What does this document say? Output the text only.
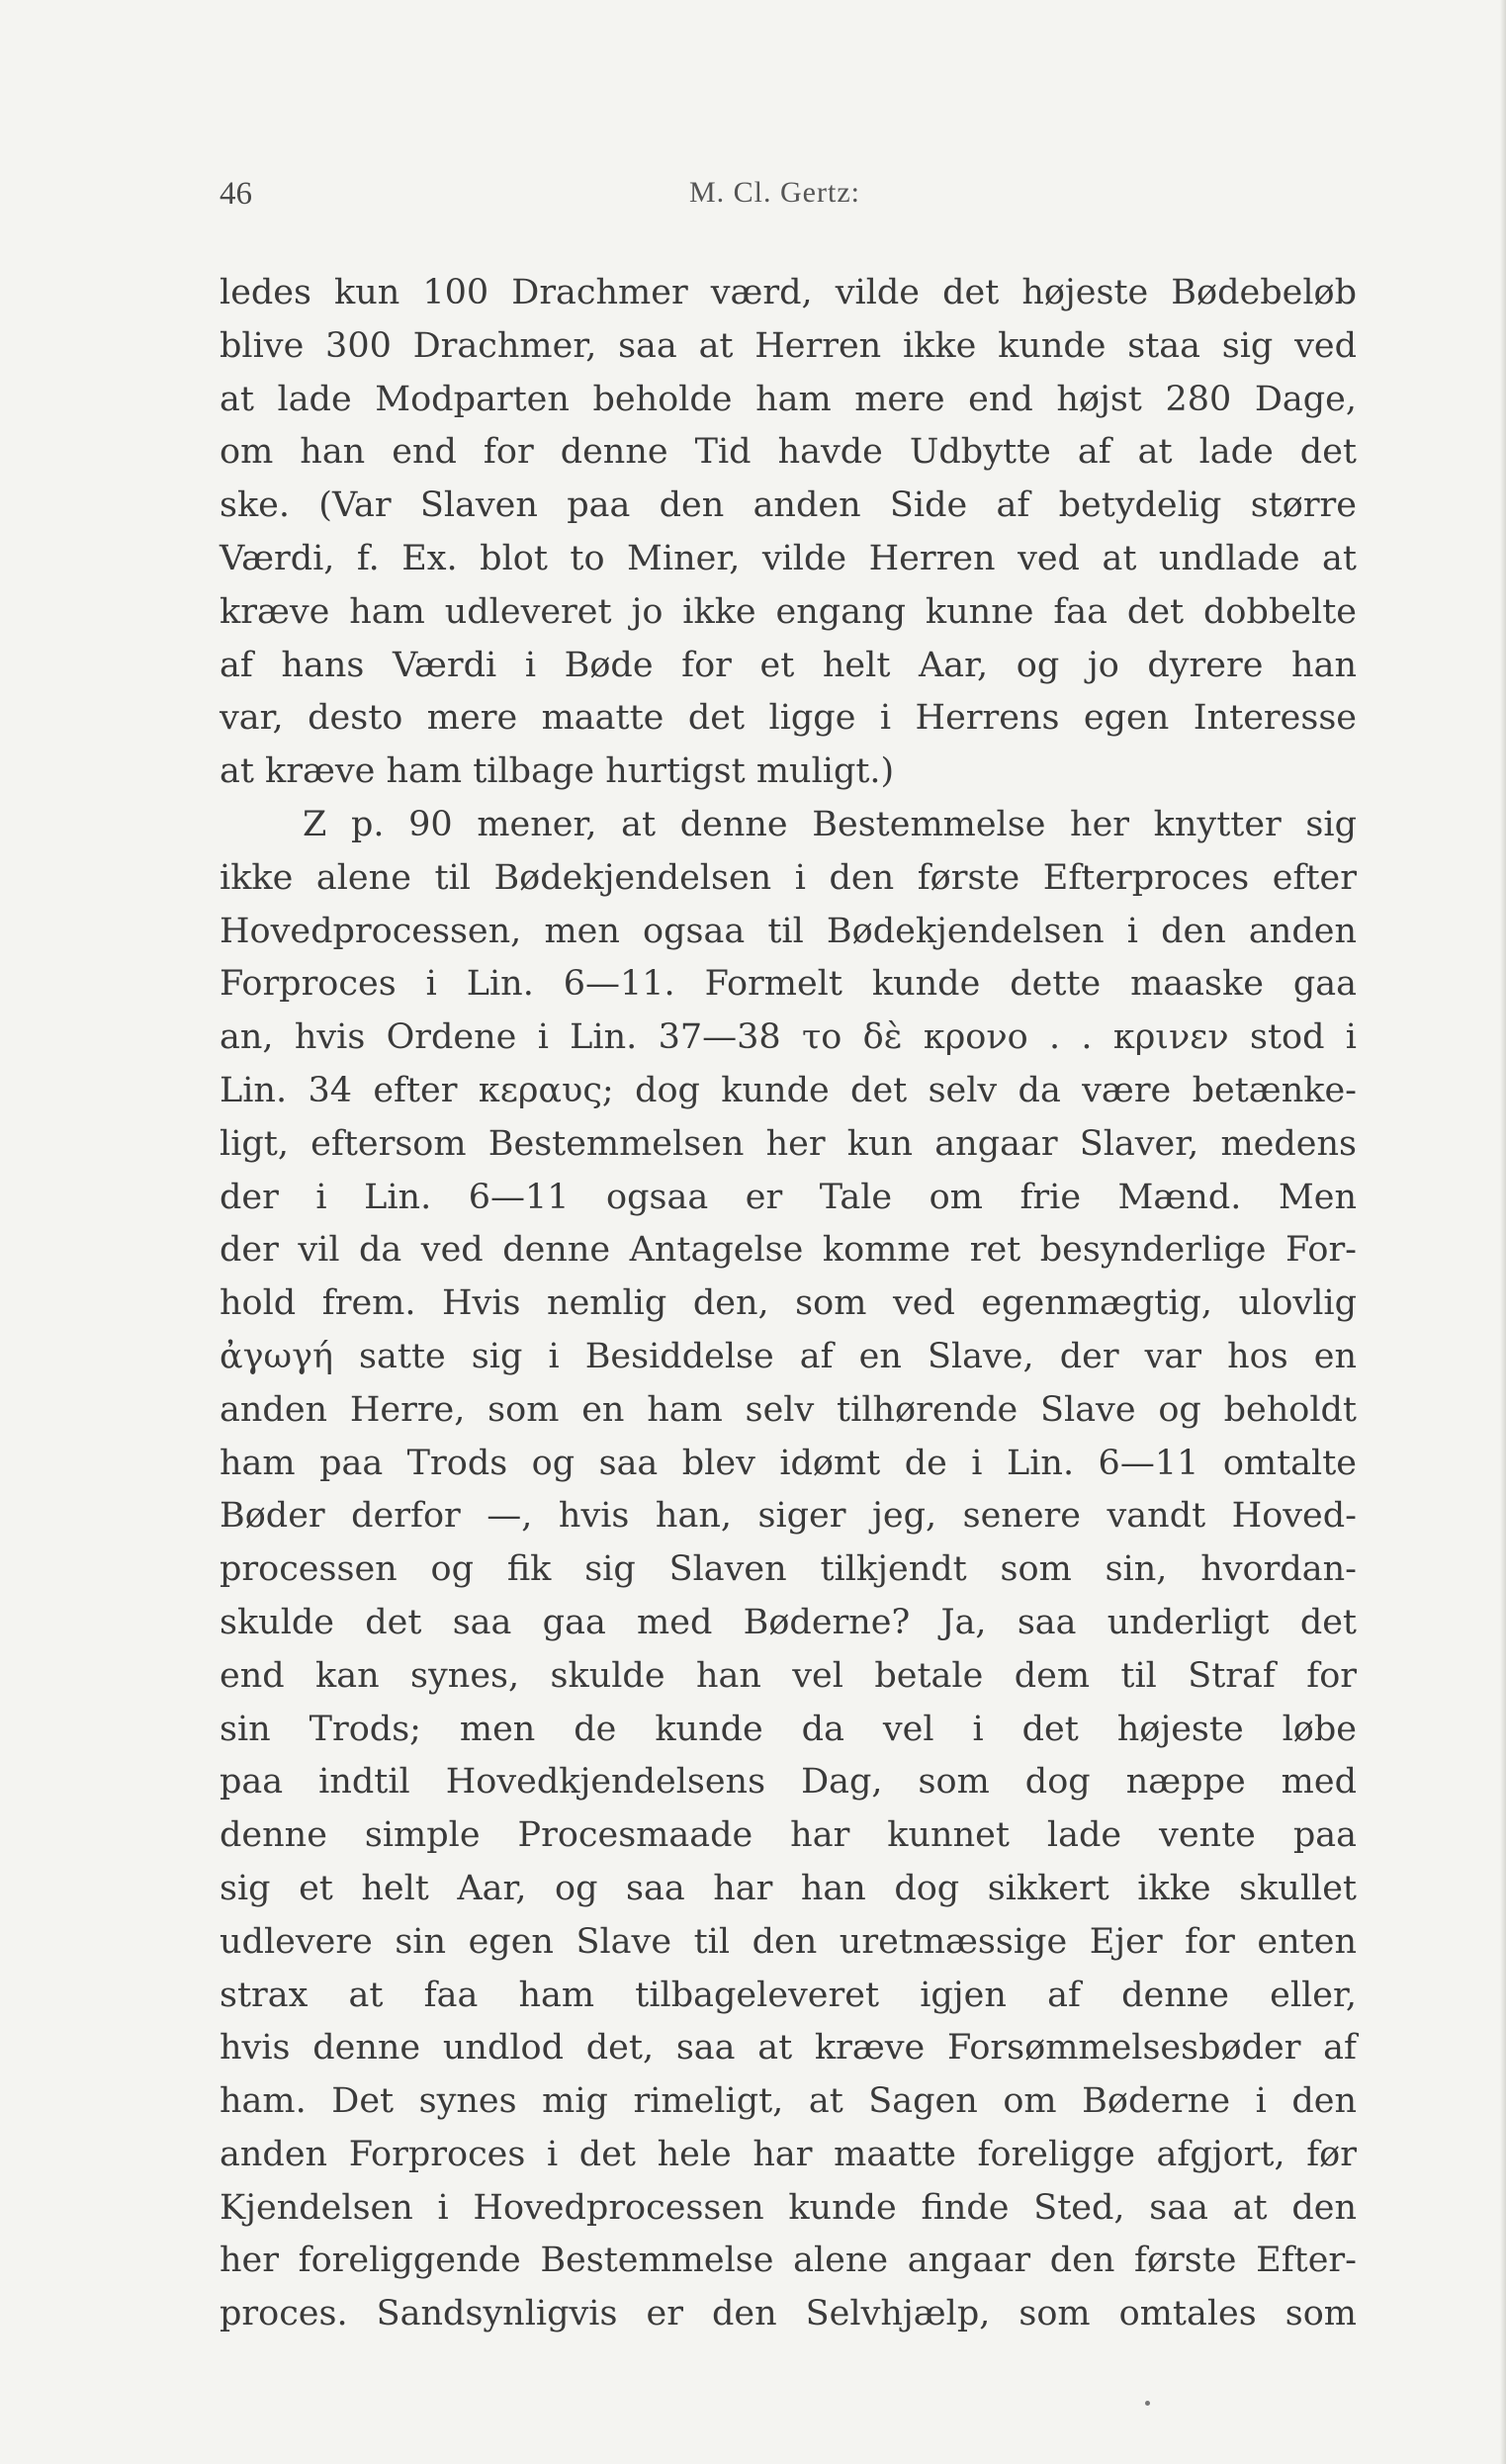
46	M. Cl. Gertz:
ledes kun 100 Drachmer værd, vilde det højeste Bødebeløb
blive 300 Drachmer, saa at Herren ikke kunde staa sig ved
at lade Modparten beholde ham mere end højst 280 Dage,
om han end for denne Tid havde Udbytte af at lade det
ske. (Var Slaven paa den anden Side af betydelig større
Værdi, f. Ex. blot to Miner, vilde Herren ved at undlade at
kræve ham udleveret jo ikke engang kunne faa det dobbelte
af hans Værdi i Bøde for et helt Aar, og jo dyrere han
var, desto mere maatte det ligge i Herrens egen Interesse
at kræve ham tilbage hurtigst muligt.)
Z p. 90 mener, at denne Bestemmelse her knytter sig
ikke alene til Bødekjendelsen i den første Efterproces efter
Hovedprocessen, men ogsaa til Bødekjendelsen i den anden
Forproces i Lin. 6—11. Formelt kunde dette maaske gaa
an, hvis Ordene i Lin. 37—38 το δὲ κρονο . . κρινεν stod i
Lin. 34 efter κεραυς; dog kunde det selv da være betænke-
ligt, eftersom Bestemmelsen her kun angaar Slaver, medens
der i Lin. 6—11 ogsaa er Tale om frie Mænd. Men
der vil da ved denne Antagelse komme ret besynderlige For-
hold frem. Hvis nemlig den, som ved egenmægtig, ulovlig
ἀγωγή satte sig i Besiddelse af en Slave, der var hos en
anden Herre, som en ham selv tilhørende Slave og beholdt
ham paa Trods og saa blev idømt de i Lin. 6—11 omtalte
Bøder derfor —, hvis han, siger jeg, senere vandt Hoved-
processen og fik sig Slaven tilkjendt som sin, hvordan-
skulde det saa gaa med Bøderne? Ja, saa underligt det
end kan synes, skulde han vel betale dem til Straf for
sin Trods; men de kunde da vel i det højeste løbe
paa indtil Hovedkjendelsens Dag, som dog næppe med
denne simple Procesmaade har kunnet lade vente paa
sig et helt Aar, og saa har han dog sikkert ikke skullet
udlevere sin egen Slave til den uretmæssige Ejer for enten
strax at faa ham tilbageleveret igjen af denne eller,
hvis denne undlod det, saa at kræve Forsømmelsesbøder af
ham. Det synes mig rimeligt, at Sagen om Bøderne i den
anden Forproces i det hele har maatte foreligge afgjort, før
Kjendelsen i Hovedprocessen kunde finde Sted, saa at den
her foreliggende Bestemmelse alene angaar den første Efter-
proces. Sandsynligvis er den Selvhjælp, som omtales som
